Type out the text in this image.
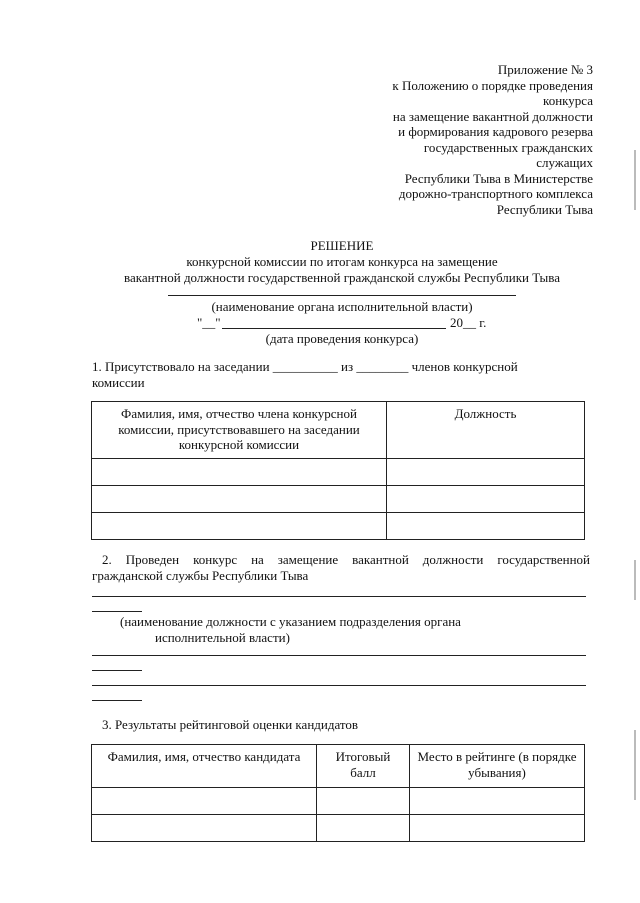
Приложение № 3
к Положению о порядке проведения
конкурса
на замещение вакантной должности
и формирования кадрового резерва
государственных гражданских
служащих
Республики Тыва в Министерстве
дорожно-транспортного комплекса
Республики Тыва
РЕШЕНИЕ
конкурсной комиссии по итогам конкурса на замещение
вакантной должности государственной гражданской службы Республики Тыва
(наименование органа исполнительной власти)
"__"	20__ г.
(дата проведения конкурса)
1. Присутствовало на заседании __________ из ________ членов конкурсной
комиссии
Фамилия, имя, отчество члена конкурсной комиссии, присутствовавшего на заседании конкурсной комиссии	Должность

2. Проведен конкурс на замещение вакантной должности государственной
гражданской службы Республики Тыва
(наименование должности с указанием подразделения органа
исполнительной власти)
3. Результаты рейтинговой оценки кандидатов
Фамилия, имя, отчество кандидата	Итоговый балл	Место в рейтинге (в порядке убывания)
